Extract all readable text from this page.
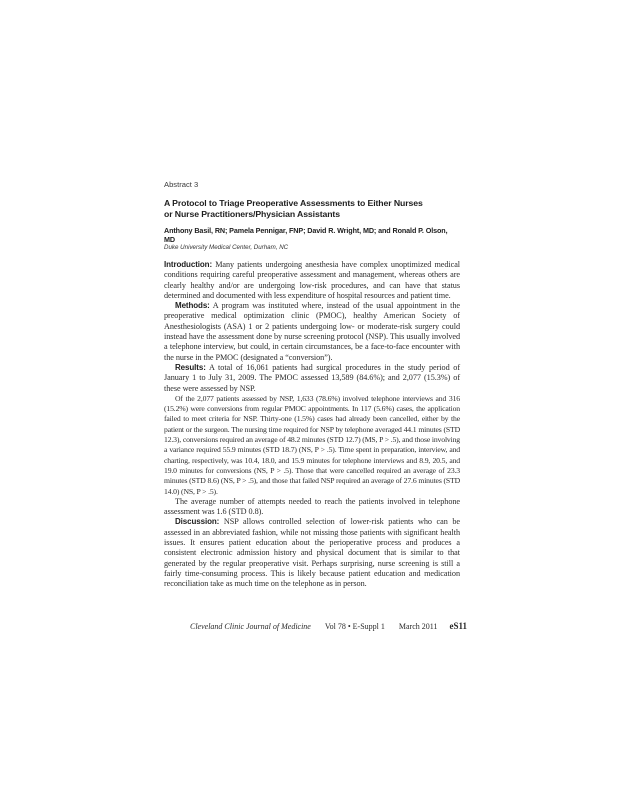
Abstract 3
A Protocol to Triage Preoperative Assessments to Either Nurses
or Nurse Practitioners/Physician Assistants
Anthony Basil, RN; Pamela Pennigar, FNP; David R. Wright, MD; and Ronald P. Olson, MD
Duke University Medical Center, Durham, NC

Introduction: Many patients undergoing anesthesia have complex unoptimized medical conditions requiring careful preoperative assessment and management, whereas others are clearly healthy and/or are undergoing low-risk procedures, and can have that status determined and documented with less expenditure of hospital resources and patient time.

Methods: A program was instituted where, instead of the usual appointment in the preoperative medical optimization clinic (PMOC), healthy American Society of Anesthesiologists (ASA) 1 or 2 patients undergoing low- or moderate-risk surgery could instead have the assessment done by nurse screening protocol (NSP). This usually involved a telephone interview, but could, in certain circumstances, be a face-to-face encounter with the nurse in the PMOC (designated a “conversion”).

Results: A total of 16,061 patients had surgical procedures in the study period of January 1 to July 31, 2009. The PMOC assessed 13,589 (84.6%); and 2,077 (15.3%) of these were assessed by NSP.

Of the 2,077 patients assessed by NSP, 1,633 (78.6%) involved telephone interviews and 316 (15.2%) were conversions from regular PMOC appointments. In 117 (5.6%) cases, the application failed to meet criteria for NSP. Thirty-one (1.5%) cases had already been cancelled, either by the patient or the surgeon. The nursing time required for NSP by telephone averaged 44.1 minutes (STD 12.3), conversions required an average of 48.2 minutes (STD 12.7) (MS, P > .5), and those involving a variance required 55.9 minutes (STD 18.7) (NS, P > .5). Time spent in preparation, interview, and charting, respectively, was 10.4, 18.0, and 15.9 minutes for telephone interviews and 8.9, 20.5, and 19.0 minutes for conversions (NS, P > .5). Those that were cancelled required an average of 23.3 minutes (STD 8.6) (NS, P > .5), and those that failed NSP required an average of 27.6 minutes (STD 14.0) (NS, P > .5).

The average number of attempts needed to reach the patients involved in telephone assessment was 1.6 (STD 0.8).

Discussion: NSP allows controlled selection of lower-risk patients who can be assessed in an abbreviated fashion, while not missing those patients with significant health issues. It ensures patient education about the perioperative process and produces a consistent electronic admission history and physical document that is similar to that generated by the regular preoperative visit. Perhaps surprising, nurse screening is still a fairly time-consuming process. This is likely because patient education and medication reconciliation take as much time on the telephone as in person.

Cleveland Clinic Journal of Medicine Vol 78 • E-Suppl 1 March 2011 eS11
